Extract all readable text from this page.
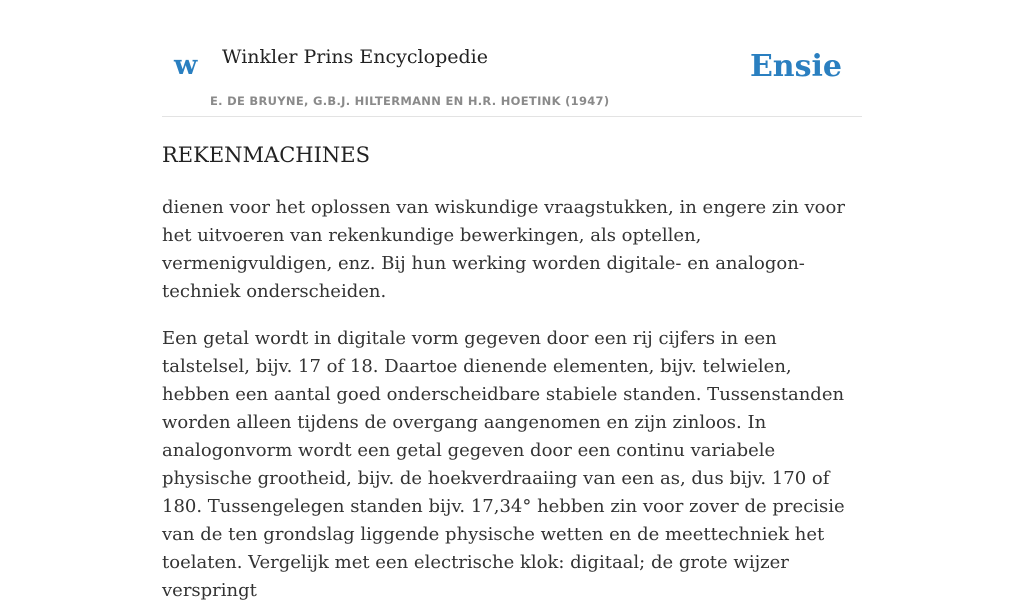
w Winkler Prins Encyclopedie
E. DE BRUYNE, G.B.J. HILTERMANN EN H.R. HOETINK (1947)
Ensie
REKENMACHINES

dienen voor het oplossen van wiskundige vraagstukken, in engere zin voor het uitvoeren van rekenkundige bewerkingen, als optellen, vermenigvuldigen, enz. Bij hun werking worden digitale- en analogon- techniek onderscheiden.

Een getal wordt in digitale vorm gegeven door een rij cijfers in een talstelsel, bijv. 17 of 18. Daartoe dienende elementen, bijv. telwielen, hebben een aantal goed onderscheidbare stabiele standen. Tussenstanden worden alleen tijdens de overgang aangenomen en zijn zinloos. In analogonvorm wordt een getal gegeven door een continu variabele physische grootheid, bijv. de hoekverdraaiing van een as, dus bijv. 170 of 180. Tussengelegen standen bijv. 17,34° hebben zin voor zover de precisie van de ten grondslag liggende physische wetten en de meettechniek het toelaten. Vergelijk met een electrische klok: digitaal; de grote wijzer verspringt
